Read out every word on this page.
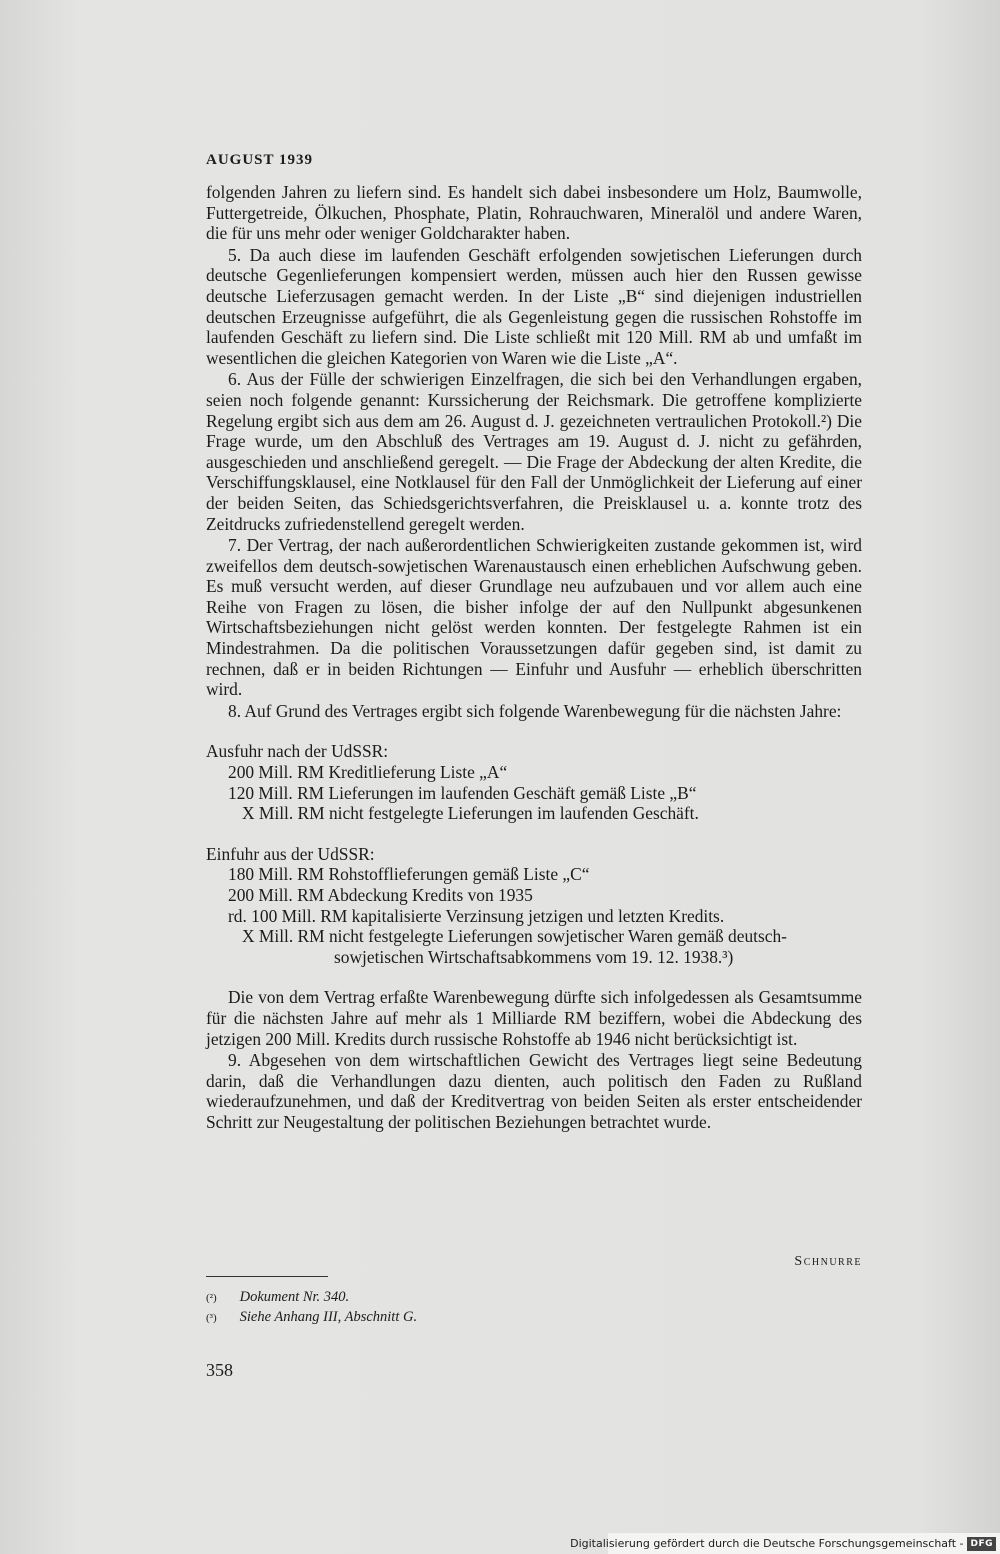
AUGUST 1939

folgenden Jahren zu liefern sind. Es handelt sich dabei insbesondere um Holz, Baumwolle, Futtergetreide, Ölkuchen, Phosphate, Platin, Rohrauchwaren, Mineralöl und andere Waren, die für uns mehr oder weniger Goldcharakter haben.

5. Da auch diese im laufenden Geschäft erfolgenden sowjetischen Lieferungen durch deutsche Gegenlieferungen kompensiert werden, müssen auch hier den Russen gewisse deutsche Lieferzusagen gemacht werden. In der Liste „B“ sind diejenigen industriellen deutschen Erzeugnisse aufgeführt, die als Gegenleistung gegen die russischen Rohstoffe im laufenden Geschäft zu liefern sind. Die Liste schließt mit 120 Mill. RM ab und umfaßt im wesentlichen die gleichen Kategorien von Waren wie die Liste „A“.

6. Aus der Fülle der schwierigen Einzelfragen, die sich bei den Verhandlungen ergaben, seien noch folgende genannt: Kurssicherung der Reichsmark. Die getroffene komplizierte Regelung ergibt sich aus dem am 26. August d. J. gezeichneten vertraulichen Protokoll.²) Die Frage wurde, um den Abschluß des Vertrages am 19. August d. J. nicht zu gefährden, ausgeschieden und anschließend geregelt. — Die Frage der Abdeckung der alten Kredite, die Verschiffungsklausel, eine Notklausel für den Fall der Unmöglichkeit der Lieferung auf einer der beiden Seiten, das Schiedsgerichtsverfahren, die Preisklausel u. a. konnte trotz des Zeitdrucks zufriedenstellend geregelt werden.

7. Der Vertrag, der nach außerordentlichen Schwierigkeiten zustande gekommen ist, wird zweifellos dem deutsch-sowjetischen Warenaustausch einen erheblichen Aufschwung geben. Es muß versucht werden, auf dieser Grundlage neu aufzubauen und vor allem auch eine Reihe von Fragen zu lösen, die bisher infolge der auf den Nullpunkt abgesunkenen Wirtschaftsbeziehungen nicht gelöst werden konnten. Der festgelegte Rahmen ist ein Mindestrahmen. Da die politischen Voraussetzungen dafür gegeben sind, ist damit zu rechnen, daß er in beiden Richtungen — Einfuhr und Ausfuhr — erheblich überschritten wird.

8. Auf Grund des Vertrages ergibt sich folgende Warenbewegung für die nächsten Jahre:

Ausfuhr nach der UdSSR:

200 Mill. RM Kreditlieferung Liste „A“

120 Mill. RM Lieferungen im laufenden Geschäft gemäß Liste „B“

X Mill. RM nicht festgelegte Lieferungen im laufenden Geschäft.

Einfuhr aus der UdSSR:

180 Mill. RM Rohstofflieferungen gemäß Liste „C“

200 Mill. RM Abdeckung Kredits von 1935

rd. 100 Mill. RM kapitalisierte Verzinsung jetzigen und letzten Kredits.

X Mill. RM nicht festgelegte Lieferungen sowjetischer Waren gemäß deutsch-

sowjetischen Wirtschaftsabkommens vom 19. 12. 1938.³)

Die von dem Vertrag erfaßte Warenbewegung dürfte sich infolgedessen als Gesamtsumme für die nächsten Jahre auf mehr als 1 Milliarde RM beziffern, wobei die Abdeckung des jetzigen 200 Mill. Kredits durch russische Rohstoffe ab 1946 nicht berücksichtigt ist.

9. Abgesehen von dem wirtschaftlichen Gewicht des Vertrages liegt seine Bedeutung darin, daß die Verhandlungen dazu dienten, auch politisch den Faden zu Rußland wiederaufzunehmen, und daß der Kreditvertrag von beiden Seiten als erster entscheidender Schritt zur Neugestaltung der politischen Beziehungen betrachtet wurde.

Schnurre

(²) Dokument Nr. 340.

(³) Siehe Anhang III, Abschnitt G.

358
Digitalisierung gefördert durch die Deutsche Forschungsgemeinschaft - DFG
